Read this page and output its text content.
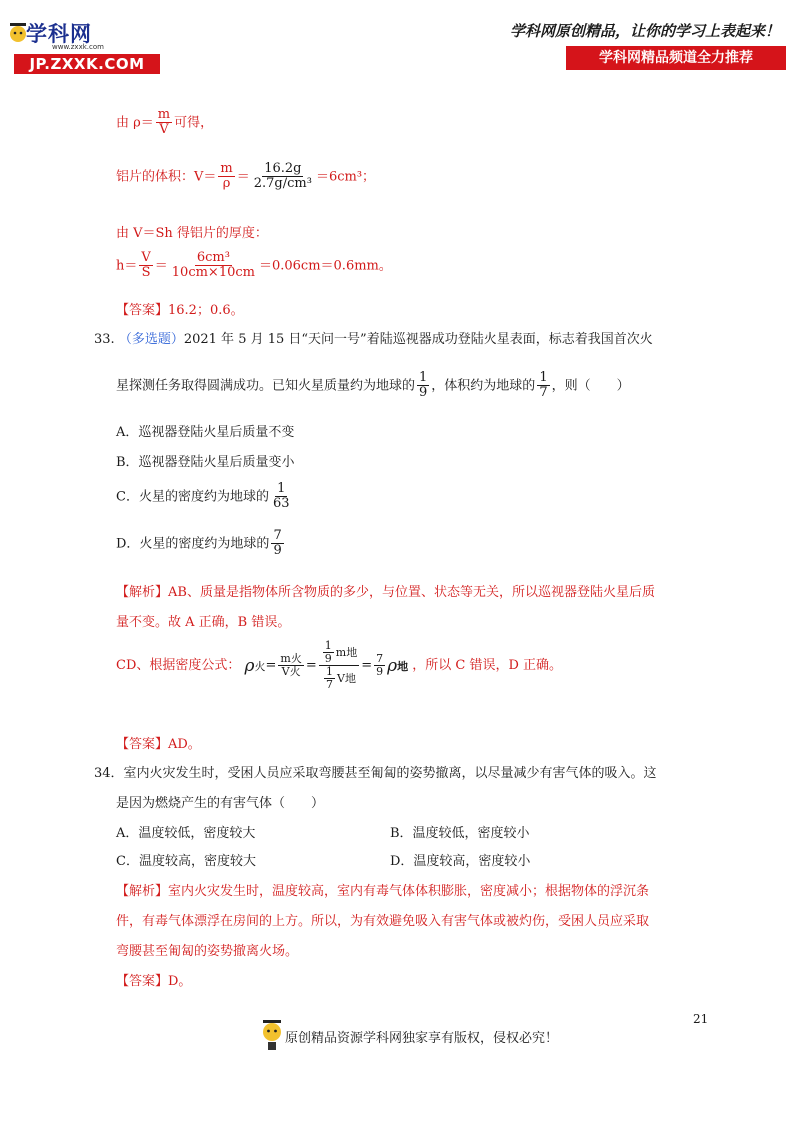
学科网
www.zxxk.com
JP.ZXXK.COM
学科网原创精品，让你的学习上表起来！
学科网精品频道全力推荐
由 $\rho= \frac{m}{V}$ 可得，
铝片的体积：$V= \frac{m}{\rho} = \frac{16.2g}{\text{2.7g/cm³}} =6cm^3$；
由 V＝Sh 得铝片的厚度：
$h= \frac{V}{S} = \frac{\text{6cm³}}{10cm\times 10cm} =0.06cm=0.6mm$。
【答案】16.2；0.6。
33. （多选题）2021 年 5 月 15 日“天问一号”着陆巡视器成功登陆火星表面，标志着我国首次火
星探测任务取得圆满成功。已知火星质量约为地球的 $\frac{1}{9}$ ，体积约为地球的 $\frac{1}{7}$ ，则（　　）
A．巡视器登陆火星后质量不变
B．巡视器登陆火星后质量变小
C．火星的密度约为地球的 $\frac{1}{63}$
D．火星的密度约为地球的 $\frac{7}{9}$
【解析】AB、质量是指物体所含物质的多少，与位置、状态等无关，所以巡视器登陆火星后质
量不变。故 A 正确，B 错误。
CD、根据密度公式： ρ 火 = $\frac{\text{m火}}{\text{V火}} = \frac{\frac{1}{9} m地}{\frac{1}{7} V地} = \frac{7}{9}$ ρ 地 ，所以 C 错误，D 正确。
【答案】AD。
34．室内火灾发生时，受困人员应采取弯腰甚至匍匐的姿势撤离，以尽量减少有害气体的吸入。这
是因为燃烧产生的有害气体（　　）
A．温度较低，密度较大	B．温度较低，密度较小
C．温度较高，密度较大	D．温度较高，密度较小
【解析】室内火灾发生时，温度较高，室内有毒气体体积膨胀，密度减小；根据物体的浮沉条
件，有毒气体漂浮在房间的上方。所以，为有效避免吸入有害气体或被灼伤，受困人员应采取
弯腰甚至匍匐的姿势撤离火场。
【答案】D。
21
原创精品资源学科网独家享有版权，侵权必究！
